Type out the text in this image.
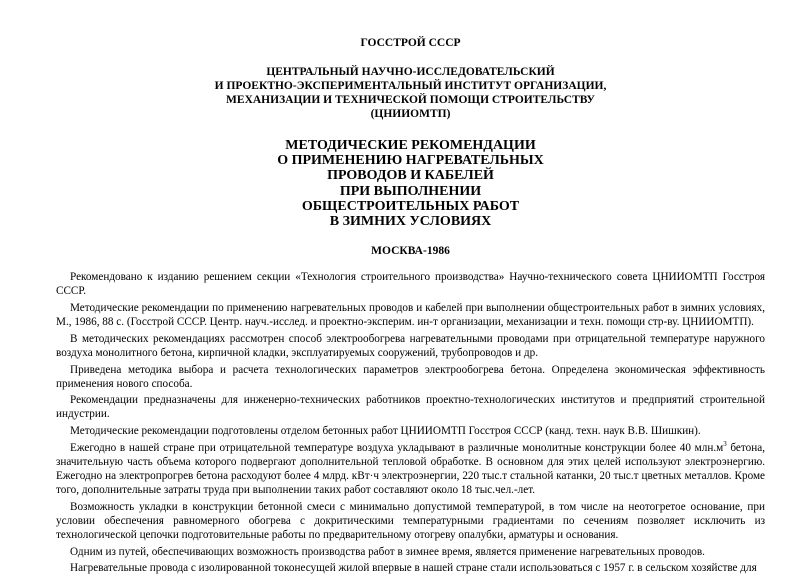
ГОССТРОЙ СССР
ЦЕНТРАЛЬНЫЙ НАУЧНО-ИССЛЕДОВАТЕЛЬСКИЙ
И ПРОЕКТНО-ЭКСПЕРИМЕНТАЛЬНЫЙ ИНСТИТУТ ОРГАНИЗАЦИИ,
МЕХАНИЗАЦИИ И ТЕХНИЧЕСКОЙ ПОМОЩИ СТРОИТЕЛЬСТВУ
(ЦНИИОМТП)
МЕТОДИЧЕСКИЕ РЕКОМЕНДАЦИИ
О ПРИМЕНЕНИЮ НАГРЕВАТЕЛЬНЫХ
ПРОВОДОВ И КАБЕЛЕЙ
ПРИ ВЫПОЛНЕНИИ
ОБЩЕСТРОИТЕЛЬНЫХ РАБОТ
В ЗИМНИХ УСЛОВИЯХ
МОСКВА-1986

Рекомендовано к изданию решением секции «Технология строительного производства» Научно-технического совета ЦНИИОМТП Госстроя СССР.

Методические рекомендации по применению нагревательных проводов и кабелей при выполнении общестроительных работ в зимних условиях, М., 1986, 88 с. (Госстрой СССР. Центр. науч.-исслед. и проектно-эксперим. ин-т организации, механизации и техн. помощи стр-ву. ЦНИИОМТП).

В методических рекомендациях рассмотрен способ электрообогрева нагревательными проводами при отрицательной температуре наружного воздуха монолитного бетона, кирпичной кладки, эксплуатируемых сооружений, трубопроводов и др.

Приведена методика выбора и расчета технологических параметров электрообогрева бетона. Определена экономическая эффективность применения нового способа.

Рекомендации предназначены для инженерно-технических работников проектно-технологических институтов и предприятий строительной индустрии.

Методические рекомендации подготовлены отделом бетонных работ ЦНИИОМТП Госстроя СССР (канд. техн. наук В.В. Шишкин).

Ежегодно в нашей стране при отрицательной температуре воздуха укладывают в различные монолитные конструкции более 40 $млн.м^3$ бетона, значительную часть объема которого подвергают дополнительной тепловой обработке. В основном для этих целей используют электроэнергию. Ежегодно на электропрогрев бетона расходуют более 4 млрд. кВт·ч электроэнергии, 220 тыс.т стальной катанки, 20 тыс.т цветных металлов. Кроме того, дополнительные затраты труда при выполнении таких работ составляют около 18 тыс.чел.-лет.

Возможность укладки в конструкции бетонной смеси с минимально допустимой температурой, в том числе на неотогретое основание, при условии обеспечения равномерного обогрева с докритическими температурными градиентами по сечениям позволяет исключить из технологической цепочки подготовительные работы по предварительному отогреву опалубки, арматуры и основания.

Одним из путей, обеспечивающих возможность производства работ в зимнее время, является применение нагревательных проводов.

Нагревательные провода с изолированной токонесущей жилой впервые в нашей стране стали использоваться с 1957 г. в сельском хозяйстве для
